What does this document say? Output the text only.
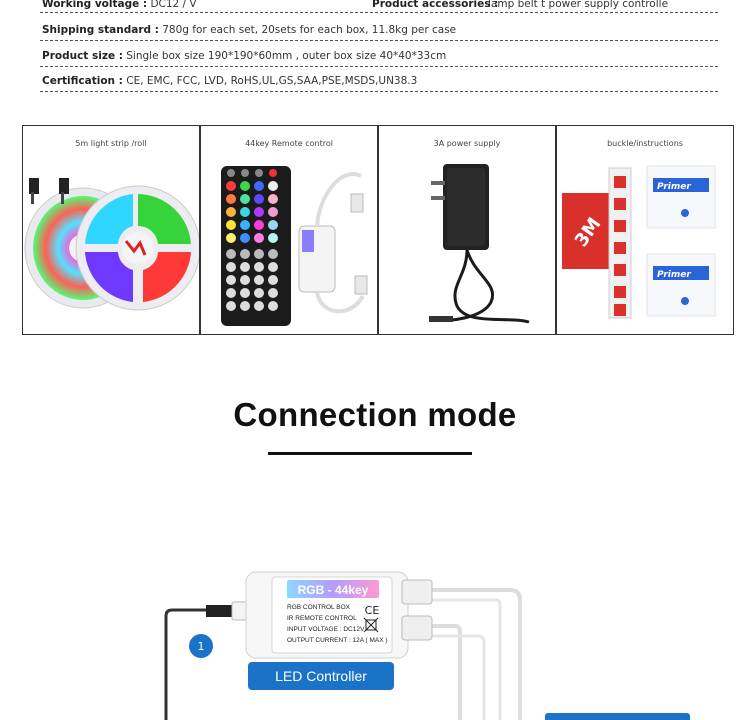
Working voltage : DC12 / V	Product accessories :
lamp belt t power supply controlle
Shipping standard : 780g for each set, 20sets for each box, 11.8kg per case
Product size : Single box size 190*190*60mm , outer box size 40*40*33cm
Certification : CE, EMC, FCC, LVD, RoHS,UL,GS,SAA,PSE,MSDS,UN38.3
5m light strip /roll	44key Remote control	3A power supply	buckle/instructions
3M
Primer
Primer
Connection mode
RGB - 44key
RGB CONTROL BOX
IR REMOTE CONTROL
INPUT VOLTAGE : DC12V
OUTPUT CURRENT : 12A ( MAX )
CE
1
LED Controller
